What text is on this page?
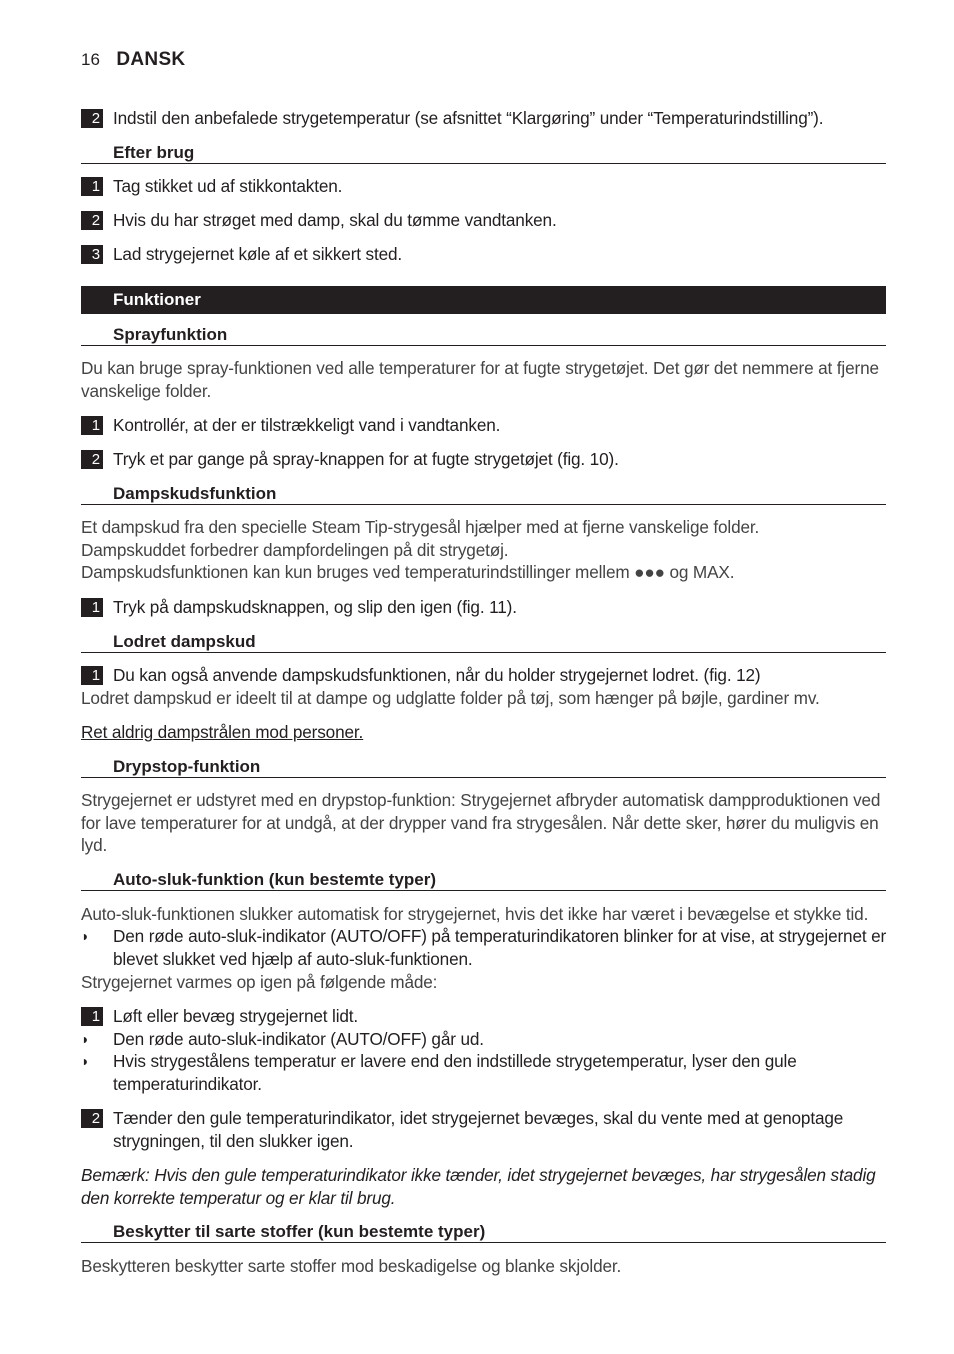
16 DANSK
2 Indstil den anbefalede strygetemperatur (se afsnittet “Klargøring” under “Temperaturindstilling”).
Efter brug
1 Tag stikket ud af stikkontakten.
2 Hvis du har strøget med damp, skal du tømme vandtanken.
3 Lad strygejernet køle af et sikkert sted.
Funktioner
Sprayfunktion
Du kan bruge spray-funktionen ved alle temperaturer for at fugte strygetøjet. Det gør det nemmere at fjerne vanskelige folder.
1 Kontrollér, at der er tilstrækkeligt vand i vandtanken.
2 Tryk et par gange på spray-knappen for at fugte strygetøjet (fig. 10).
Dampskudsfunktion
Et dampskud fra den specielle Steam Tip-strygesål hjælper med at fjerne vanskelige folder.
Dampskuddet forbedrer dampfordelingen på dit strygetøj.
Dampskudsfunktionen kan kun bruges ved temperaturindstillinger mellem ●●● og MAX.
1 Tryk på dampskudsknappen, og slip den igen (fig. 11).
Lodret dampskud
1 Du kan også anvende dampskudsfunktionen, når du holder strygejernet lodret. (fig. 12)
Lodret dampskud er ideelt til at dampe og udglatte folder på tøj, som hænger på bøjle, gardiner mv.
Ret aldrig dampstrålen mod personer.
Drypstop-funktion
Strygejernet er udstyret med en drypstop-funktion: Strygejernet afbryder automatisk dampproduktionen ved for lave temperaturer for at undgå, at der drypper vand fra strygesålen. Når dette sker, hører du muligvis en lyd.
Auto-sluk-funktion (kun bestemte typer)
Auto-sluk-funktionen slukker automatisk for strygejernet, hvis det ikke har været i bevægelse et stykke tid.
◗ Den røde auto-sluk-indikator (AUTO/OFF) på temperaturindikatoren blinker for at vise, at strygejernet er blevet slukket ved hjælp af auto-sluk-funktionen.
Strygejernet varmes op igen på følgende måde:
1 Løft eller bevæg strygejernet lidt.
◗ Den røde auto-sluk-indikator (AUTO/OFF) går ud.
◗ Hvis strygestålens temperatur er lavere end den indstillede strygetemperatur, lyser den gule temperaturindikator.
2 Tænder den gule temperaturindikator, idet strygejernet bevæges, skal du vente med at genoptage strygningen, til den slukker igen.
Bemærk: Hvis den gule temperaturindikator ikke tænder, idet strygejernet bevæges, har strygesålen stadig den korrekte temperatur og er klar til brug.
Beskytter til sarte stoffer (kun bestemte typer)
Beskytteren beskytter sarte stoffer mod beskadigelse og blanke skjolder.
